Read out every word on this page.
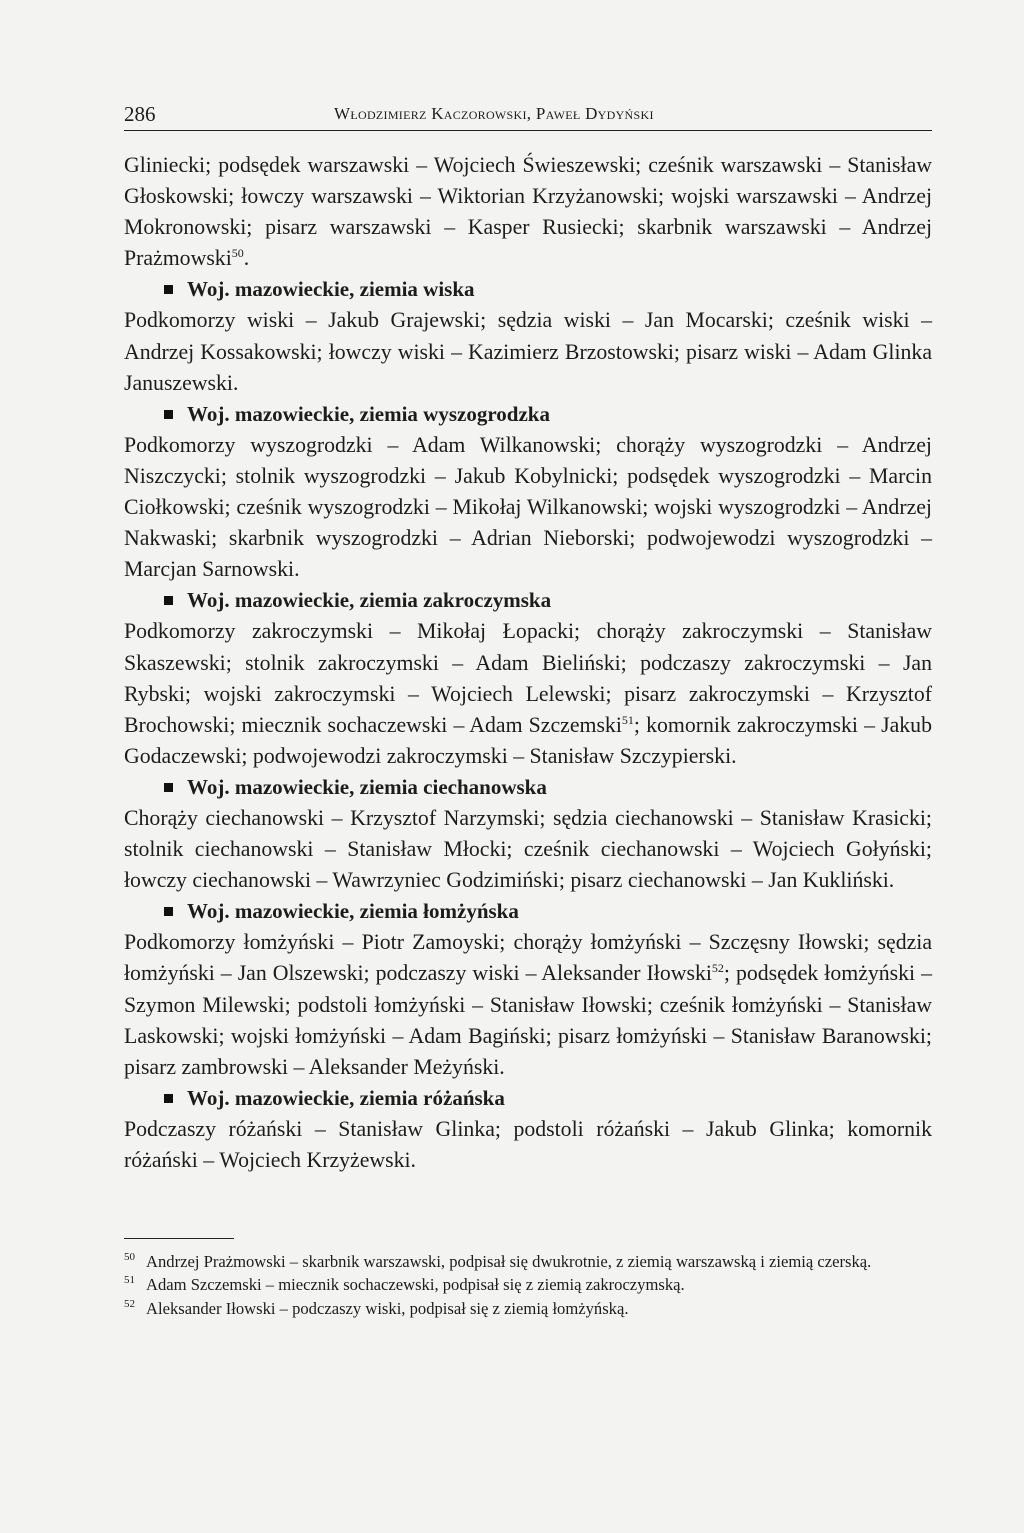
286	Włodzimierz Kaczorowski, Paweł Dydyński

Gliniecki; podsędek warszawski – Wojciech Świeszewski; cześnik warszawski – Stanisław Głoskowski; łowczy warszawski – Wiktorian Krzyżanowski; wojski warszawski – Andrzej Mokronowski; pisarz warszawski – Kasper Rusiecki; skarbnik warszawski – Andrzej Prażmowski$^{50}$.

Woj. mazowieckie, ziemia wiska

Podkomorzy wiski – Jakub Grajewski; sędzia wiski – Jan Mocarski; cześnik wiski – Andrzej Kossakowski; łowczy wiski – Kazimierz Brzostowski; pisarz wiski – Adam Glinka Januszewski.

Woj. mazowieckie, ziemia wyszogrodzka

Podkomorzy wyszogrodzki – Adam Wilkanowski; chorąży wyszogrodzki – Andrzej Niszczycki; stolnik wyszogrodzki – Jakub Kobylnicki; podsędek wyszogrodzki – Marcin Ciołkowski; cześnik wyszogrodzki – Mikołaj Wilkanowski; wojski wyszogrodzki – Andrzej Nakwaski; skarbnik wyszogrodzki – Adrian Nieborski; podwojewodzi wyszogrodzki – Marcjan Sarnowski.

Woj. mazowieckie, ziemia zakroczymska

Podkomorzy zakroczymski – Mikołaj Łopacki; chorąży zakroczymski – Stanisław Skaszewski; stolnik zakroczymski – Adam Bieliński; podczaszy zakroczymski – Jan Rybski; wojski zakroczymski – Wojciech Lelewski; pisarz zakroczymski – Krzysztof Brochowski; miecznik sochaczewski – Adam Szczemski$^{51}$; komornik zakroczymski – Jakub Godaczewski; podwojewodzi zakroczymski – Stanisław Szczypierski.

Woj. mazowieckie, ziemia ciechanowska

Chorąży ciechanowski – Krzysztof Narzymski; sędzia ciechanowski – Stanisław Krasicki; stolnik ciechanowski – Stanisław Młocki; cześnik ciechanowski – Wojciech Gołyński; łowczy ciechanowski – Wawrzyniec Godzimiński; pisarz ciechanowski – Jan Kukliński.

Woj. mazowieckie, ziemia łomżyńska

Podkomorzy łomżyński – Piotr Zamoyski; chorąży łomżyński – Szczęsny Iłowski; sędzia łomżyński – Jan Olszewski; podczaszy wiski – Aleksander Iłowski$^{52}$; podsędek łomżyński – Szymon Milewski; podstoli łomżyński – Stanisław Iłowski; cześnik łomżyński – Stanisław Laskowski; wojski łomżyński – Adam Bagiński; pisarz łomżyński – Stanisław Baranowski; pisarz zambrowski – Aleksander Meżyński.

Woj. mazowieckie, ziemia różańska

Podczaszy różański – Stanisław Glinka; podstoli różański – Jakub Glinka; komornik różański – Wojciech Krzyżewski.

50 Andrzej Prażmowski – skarbnik warszawski, podpisał się dwukrotnie, z ziemią warszawską i ziemią czerską.

51 Adam Szczemski – miecznik sochaczewski, podpisał się z ziemią zakroczymską.

52 Aleksander Iłowski – podczaszy wiski, podpisał się z ziemią łomżyńską.
